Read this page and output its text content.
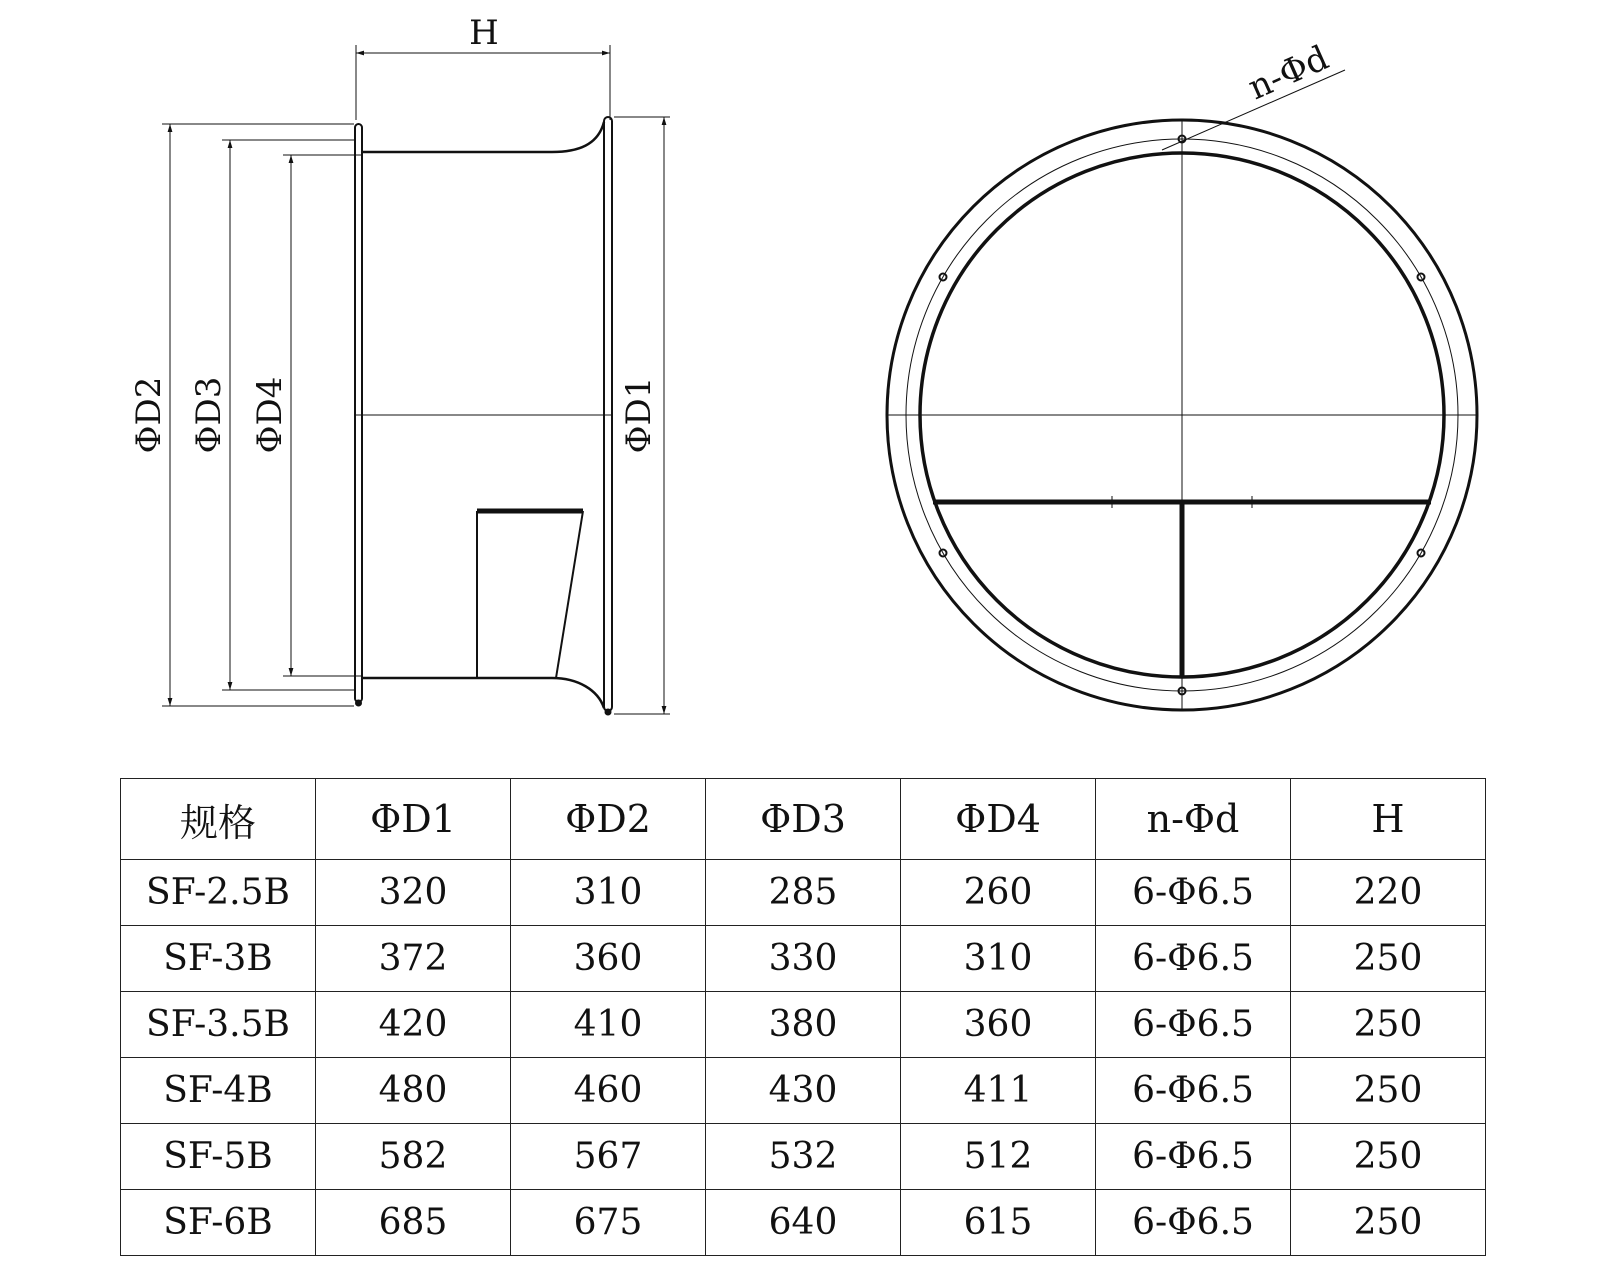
H
ΦD2 ΦD3 ΦD4	ΦD1
n-Φd
规格	ΦD1	ΦD2	ΦD3	ΦD4	n-Φd	H
SF-2.5B	320	310	285	260	6-Φ6.5	220
SF-3B	372	360	330	310	6-Φ6.5	250
SF-3.5B	420	410	380	360	6-Φ6.5	250
SF-4B	480	460	430	411	6-Φ6.5	250
SF-5B	582	567	532	512	6-Φ6.5	250
SF-6B	685	675	640	615	6-Φ6.5	250
